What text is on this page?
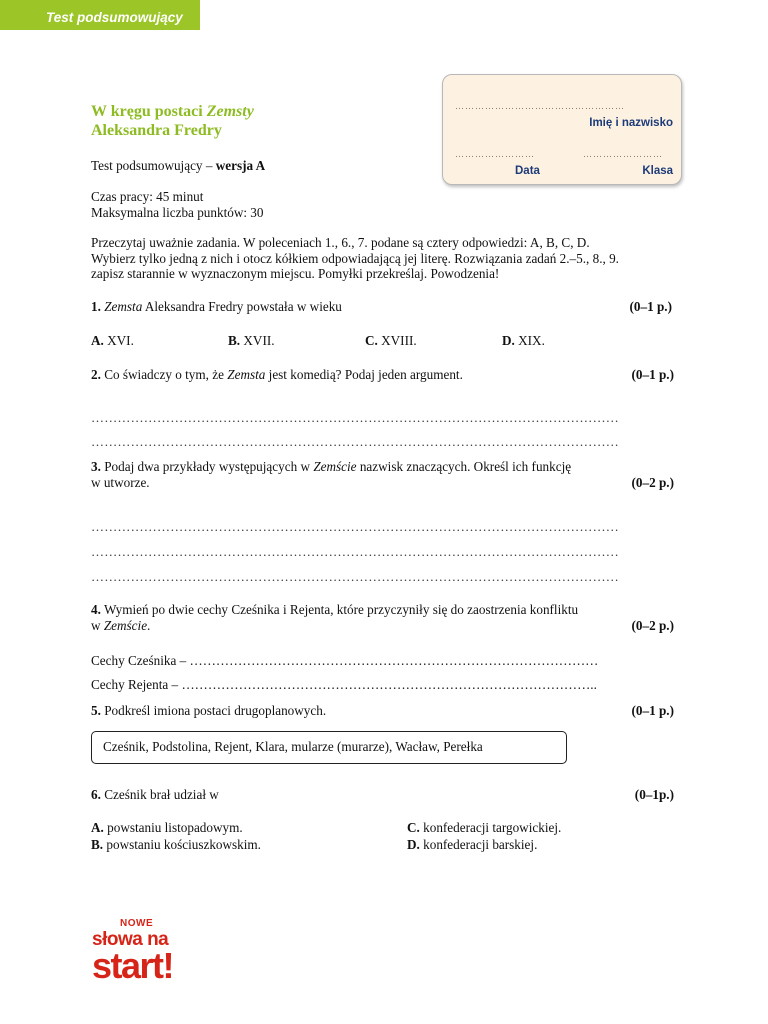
Test podsumowujący
W kręgu postaci Zemsty
Aleksandra Fredry
……………………………………………
Imię i nazwisko
……………………	……………………
Data	Klasa
Test podsumowujący – wersja A
Czas pracy: 45 minut
Maksymalna liczba punktów: 30
Przeczytaj uważnie zadania. W poleceniach 1., 6., 7. podane są cztery odpowiedzi: A, B, C, D.
Wybierz tylko jedną z nich i otocz kółkiem odpowiadającą jej literę. Rozwiązania zadań 2.–5., 8., 9.
zapisz starannie w wyznaczonym miejscu. Pomyłki przekreślaj. Powodzenia!
1. Zemsta Aleksandra Fredry powstała w wieku	(0–1 p.)
A. XVI.	B. XVII.	C. XVIII.	D. XIX.
2. Co świadczy o tym, że Zemsta jest komedią? Podaj jeden argument.	(0–1 p.)
…………………………………………………………………………………………………………
…………………………………………………………………………………………………………
3. Podaj dwa przykłady występujących w Zemście nazwisk znaczących. Określ ich funkcję
w utworze.	(0–2 p.)
…………………………………………………………………………………………………………
…………………………………………………………………………………………………………
…………………………………………………………………………………………………………
4. Wymień po dwie cechy Cześnika i Rejenta, które przyczyniły się do zaostrzenia konfliktu
w Zemście.	(0–2 p.)
Cechy Cześnika – …………………………………………………………………………………
Cechy Rejenta – …………………………………………………………………………………..
5. Podkreśl imiona postaci drugoplanowych.	(0–1 p.)
Cześnik, Podstolina, Rejent, Klara, mularze (murarze), Wacław, Perełka
6. Cześnik brał udział w	(0–1p.)
A. powstaniu listopadowym.
B. powstaniu kościuszkowskim.
C. konfederacji targowickiej.
D. konfederacji barskiej.
NOWE
słowa na
start!
